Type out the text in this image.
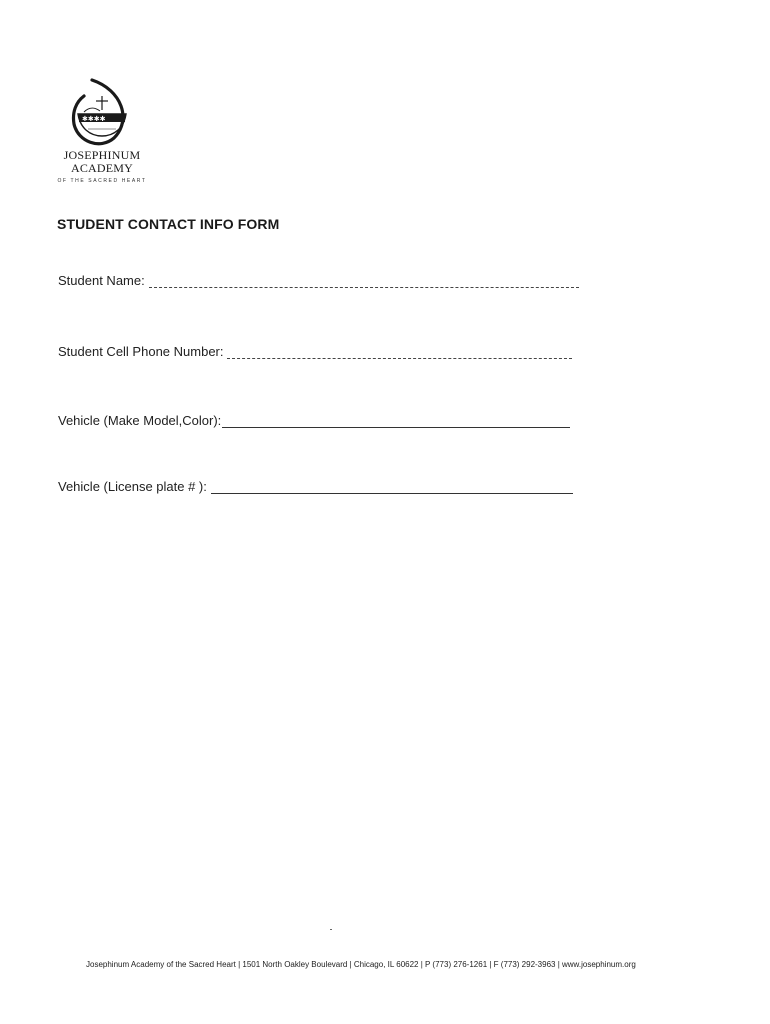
✱✱✱✱
JOSEPHINUM
ACADEMY
OF THE SACRED HEART
STUDENT CONTACT INFO FORM
Student Name:
Student Cell Phone Number:
Vehicle (Make Model,Color):
Vehicle (License plate # ):
Josephinum Academy of the Sacred Heart | 1501 North Oakley Boulevard | Chicago, IL 60622 | P (773) 276-1261 | F (773) 292-3963 | www.josephinum.org
